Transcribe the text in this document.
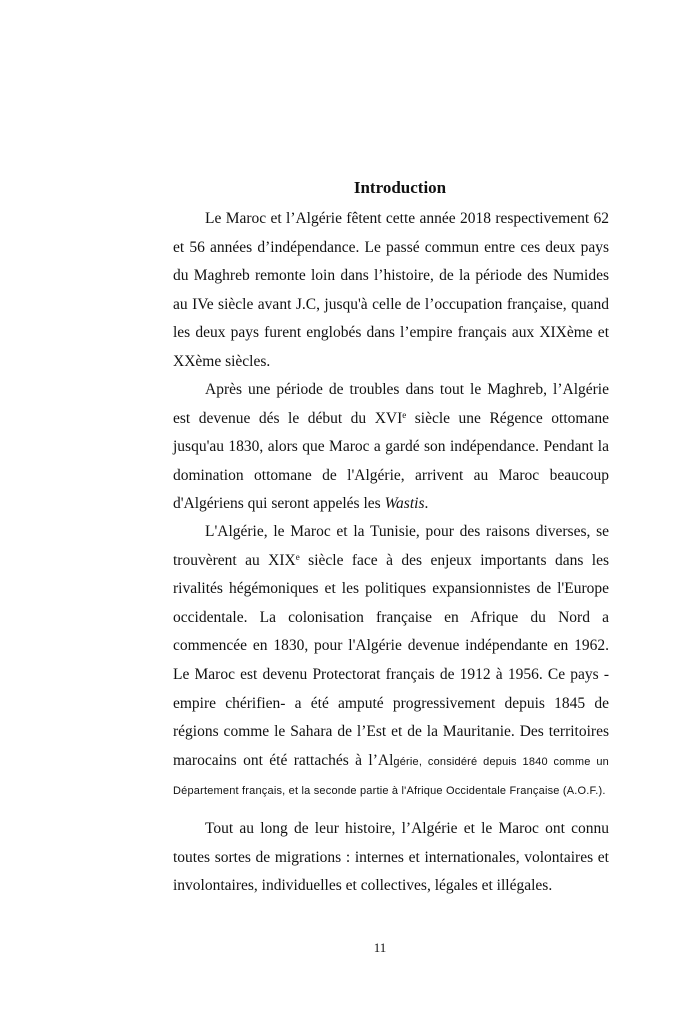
Introduction
Le Maroc et l’Algérie fêtent cette année 2018 respectivement 62 et 56 années d’indépendance. Le passé commun entre ces deux pays du Maghreb remonte loin dans l’histoire, de la période des Numides au IVe siècle avant J.C, jusqu'à celle de l’occupation française, quand les deux pays furent englobés dans l’empire français aux XIXème et XXème siècles.
Après une période de troubles dans tout le Maghreb, l’Algérie est devenue dés le début du XVIe siècle une Régence ottomane jusqu'au 1830, alors que Maroc a gardé son indépendance. Pendant la domination ottomane de l'Algérie, arrivent au Maroc beaucoup d'Algériens qui seront appelés les Wastis.
L'Algérie, le Maroc et la Tunisie, pour des raisons diverses, se trouvèrent au XIXe siècle face à des enjeux importants dans les rivalités hégémoniques et les politiques expansionnistes de l'Europe occidentale. La colonisation française en Afrique du Nord a commencée en 1830, pour l'Algérie devenue indépendante en 1962. Le Maroc est devenu Protectorat français de 1912 à 1956. Ce pays - empire chérifien- a été amputé progressivement depuis 1845 de régions comme le Sahara de l’Est et de la Mauritanie. Des territoires marocains ont été rattachés à l’Algérie, considéré depuis 1840 comme un Département français, et la seconde partie à l'Afrique Occidentale Française (A.O.F.).
Tout au long de leur histoire, l’Algérie et le Maroc ont connu toutes sortes de migrations : internes et internationales, volontaires et involontaires, individuelles et collectives, légales et illégales.
11
